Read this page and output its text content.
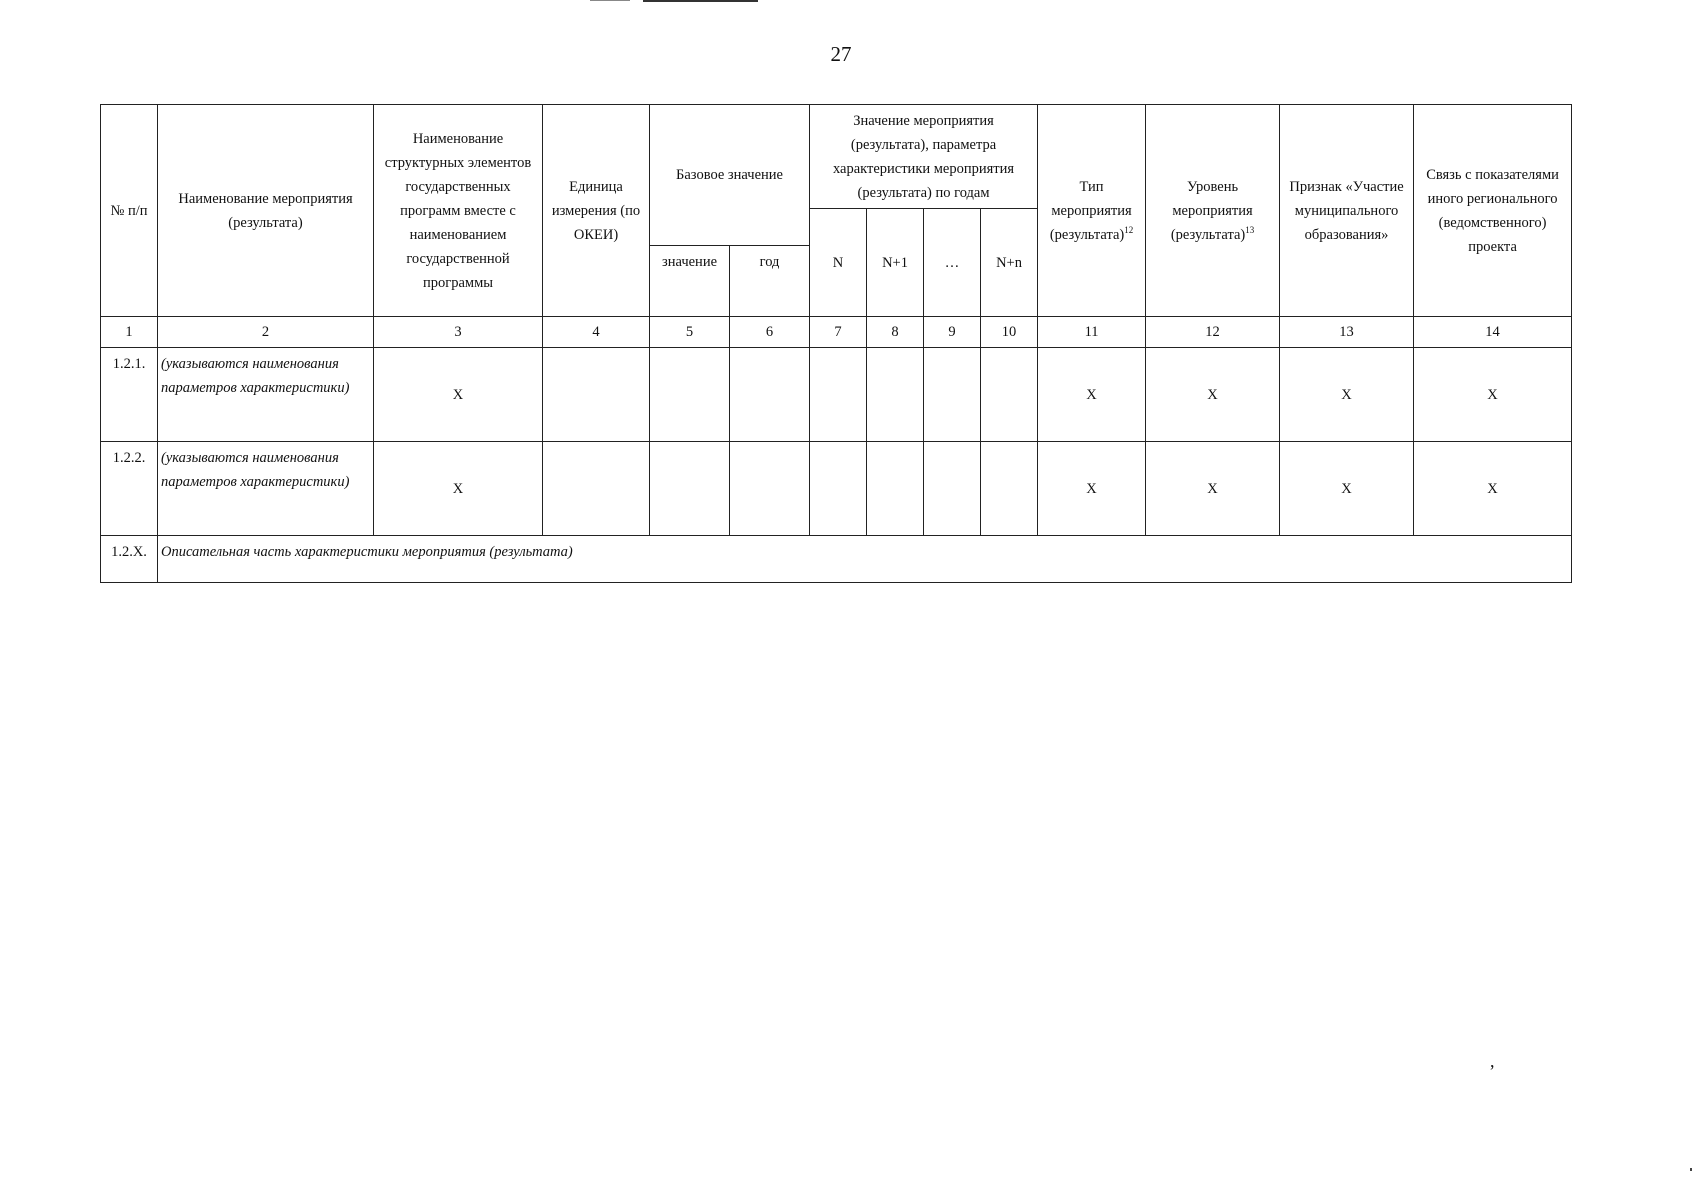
27
№ п/п	Наименование мероприятия (результата)	Наименование структурных элементов государственных программ вместе с наименованием государственной программы	Единица измерения (по ОКЕИ)	Базовое значение		Значение мероприятия (результата), параметра характеристики мероприятия (результата) по годам				Тип мероприятия (результата)$^{12}$	Уровень мероприятия (результата)$^{13}$	Признак «Участие муниципального образования»	Связь с показателями иного регионального (ведомственного) проекта
						N	N+1	…	N+n				
				значение	год								
1	2	3	4	5	6	7	8	9	10	11	12	13	14
1.2.1.	(указываются наименования параметров характеристики)	X								X	X	X	X
1.2.2.	(указываются наименования параметров характеристики)	X								X	X	X	X
1.2.X.	Описательная часть характеристики мероприятия (результата)												
,
